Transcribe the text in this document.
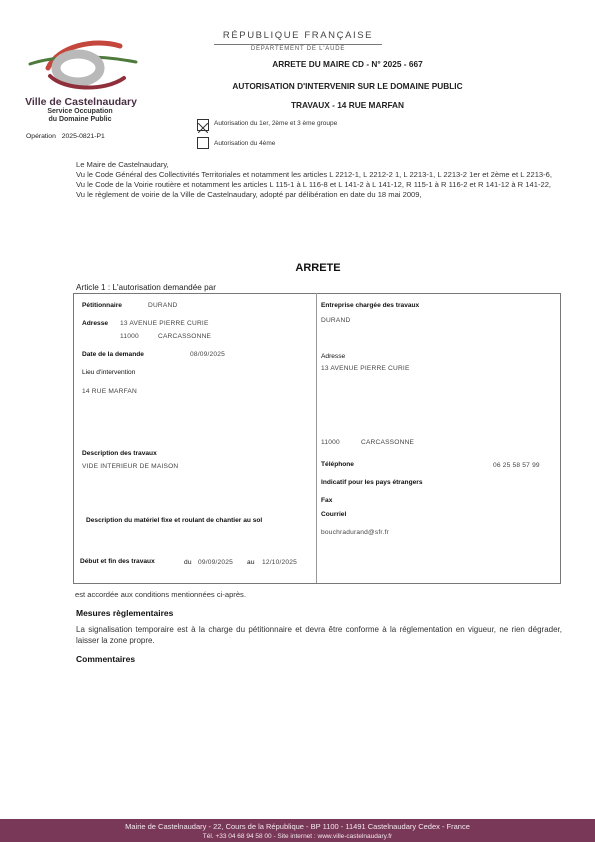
Ville de Castelnaudary
Service Occupation
du Domaine Public
Opération 2025-0821-P1
RÉPUBLIQUE FRANÇAISE
DÉPARTEMENT DE L'AUDE
ARRETE DU MAIRE CD - N° 2025 - 667
AUTORISATION D'INTERVENIR SUR LE DOMAINE PUBLIC
TRAVAUX - 14 RUE MARFAN
Autorisation du 1er, 2ème et 3 ème groupe
Autorisation du 4ème

Le Maire de Castelnaudary,

Vu le Code Général des Collectivités Territoriales et notamment les articles L 2212-1, L 2212-2 1, L 2213-1, L 2213-2 1er et 2ème et L 2213-6,

Vu le Code de la Voirie routière et notamment les articles L 115-1 à L 116-8 et L 141-2 à L 141-12, R 115-1 à R 116-2 et R 141-12 à R 141-22,

Vu le règlement de voirie de la Ville de Castelnaudary, adopté par délibération en date du 18 mai 2009,

ARRETE
Article 1 : L'autorisation demandée par
Pétitionnaire	DURAND
Adresse 13 AVENUE PIERRE CURIE
11000	CARCASSONNE
Date de la demande	08/09/2025
Lieu d'intervention
14 RUE MARFAN
Description des travaux
VIDE INTERIEUR DE MAISON
Description du matériel fixe et roulant de chantier au sol
Début et fin des travaux	du 09/09/2025 au 12/10/2025
Entreprise chargée des travaux
DURAND
Adresse
13 AVENUE PIERRE CURIE
11000	CARCASSONNE
Téléphone	06 25 58 57 99
Indicatif pour les pays étrangers
Fax
Courriel
bouchradurand@sfr.fr
est accordée aux conditions mentionnées ci-après.
Mesures règlementaires
La signalisation temporaire est à la charge du pétitionnaire et devra être conforme à la réglementation en vigueur, ne rien dégrader, laisser la zone propre.
Commentaires
Mairie de Castelnaudary - 22, Cours de la République - BP 1100 - 11491 Castelnaudary Cedex - France
Tél. +33 04 68 94 58 00 - Site internet : www.ville-castelnaudary.fr
